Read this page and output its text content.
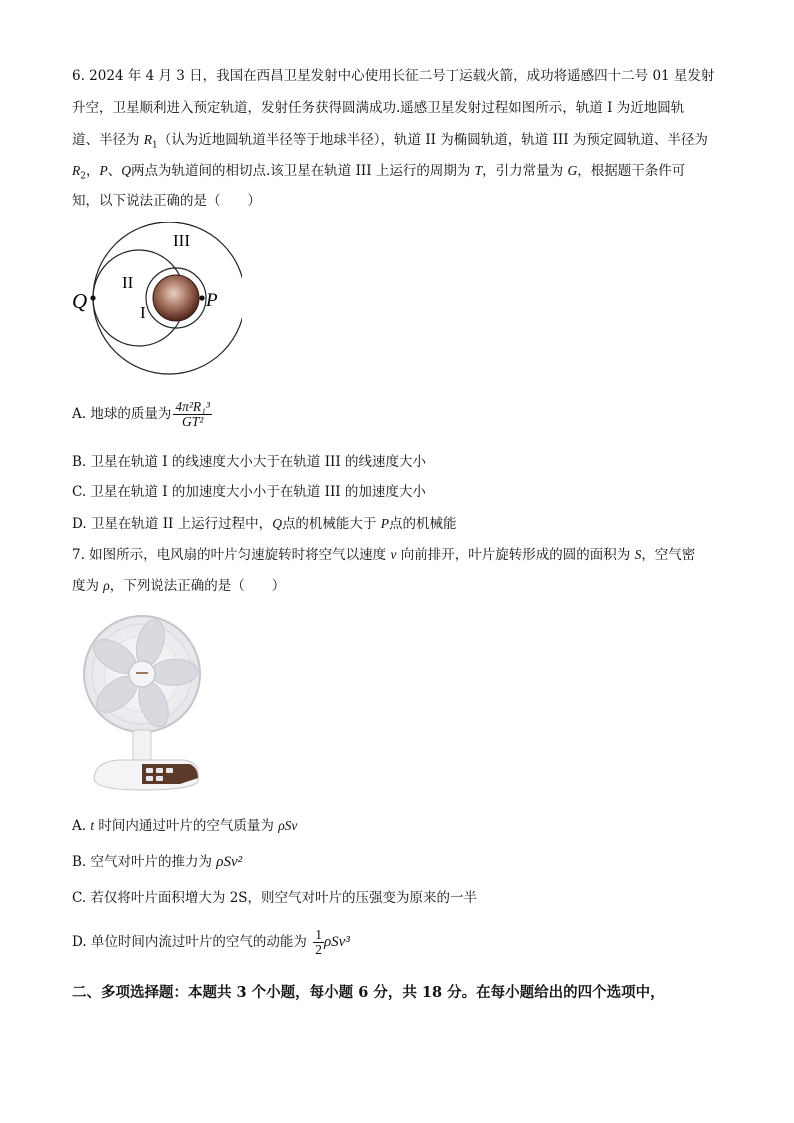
6. 2024 年 4 月 3 日，我国在西昌卫星发射中心使用长征二号丁运载火箭，成功将遥感四十二号 01 星发射
升空，卫星顺利进入预定轨道，发射任务获得圆满成功.遥感卫星发射过程如图所示，轨道 I 为近地圆轨
道、半径为 $R_1$（认为近地圆轨道半径等于地球半径），轨道 II 为椭圆轨道，轨道 III 为预定圆轨道、半径为
$R_2$，P、Q两点为轨道间的相切点.该卫星在轨道 III 上运行的周期为 T，引力常量为 G，根据题干条件可
知，以下说法正确的是（　　）
III
II
I
Q	P
A. 地球的质量为 $\frac{\text{4π²R₁³}}{\text{GT²}}$
B. 卫星在轨道 I 的线速度大小大于在轨道 III 的线速度大小
C. 卫星在轨道 I 的加速度大小小于在轨道 III 的加速度大小
D. 卫星在轨道 II 上运行过程中，Q点的机械能大于 P点的机械能
7. 如图所示，电风扇的叶片匀速旋转时将空气以速度 v 向前排开，叶片旋转形成的圆的面积为 S，空气密
度为 ρ，下列说法正确的是（　　）
A. t 时间内通过叶片的空气质量为 ρSv
B. 空气对叶片的推力为 ρSv²
C. 若仅将叶片面积增大为 2S，则空气对叶片的压强变为原来的一半
D. 单位时间内流过叶片的空气的动能为 $\frac{1}{2} \rho Sv^3$
二、多项选择题：本题共 3 个小题，每小题 6 分，共 18 分。在每小题给出的四个选项中，
